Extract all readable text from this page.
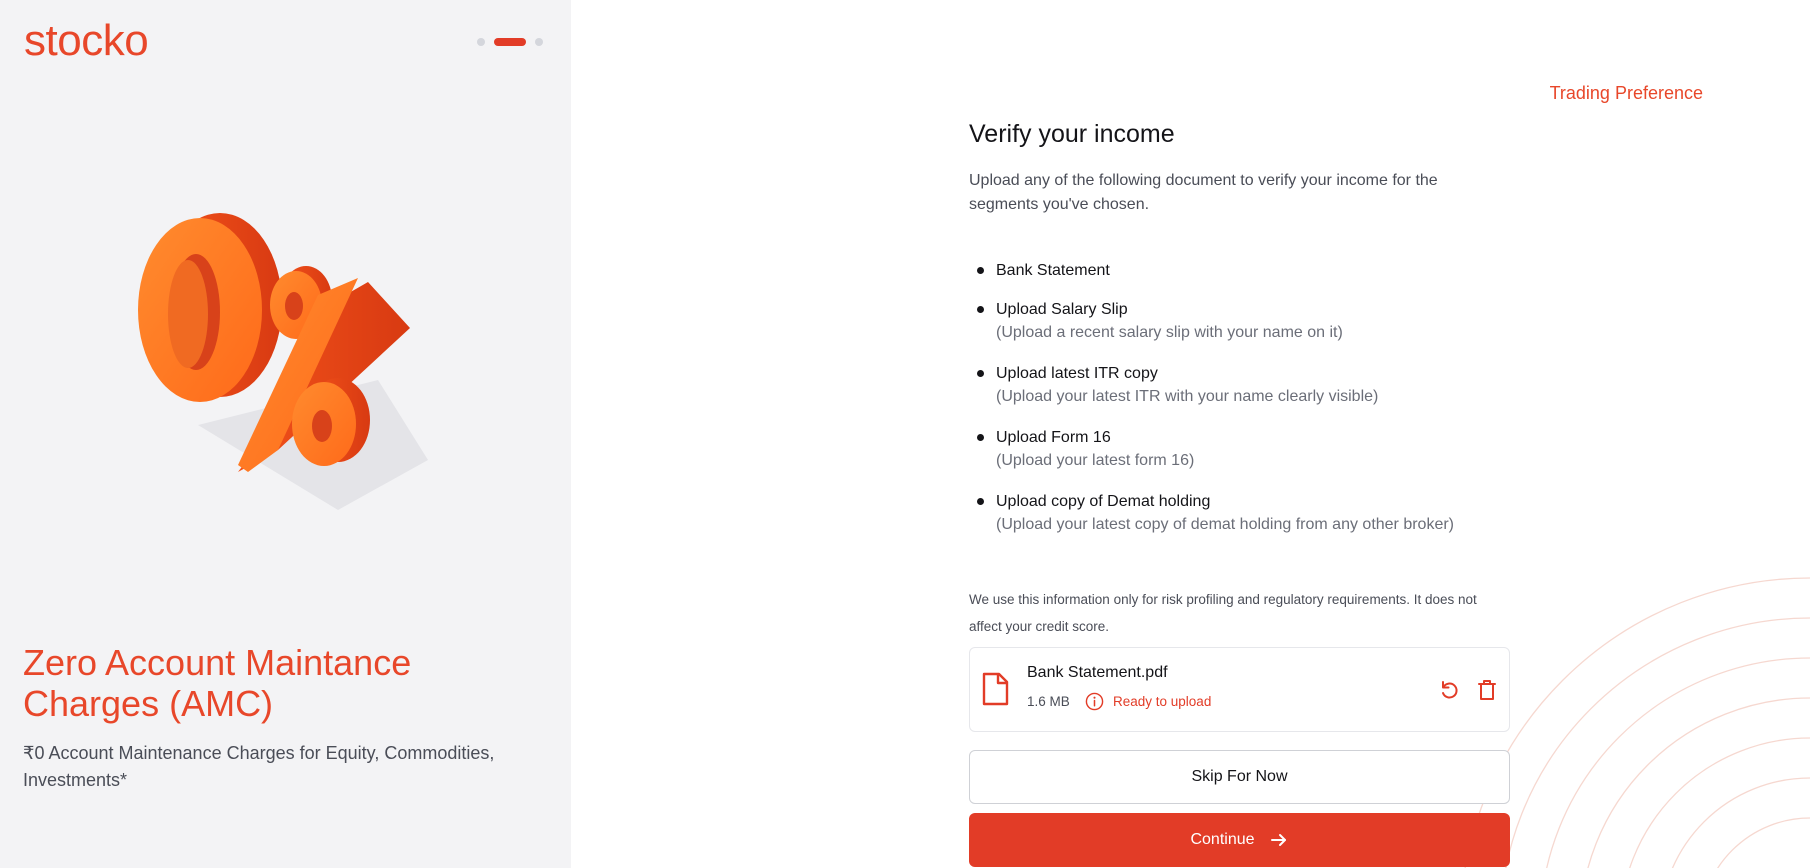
stocko
Zero Account Maintance Charges (AMC)
₹0 Account Maintenance Charges for Equity, Commodities, Investments*
Trading Preference
Verify your income

Upload any of the following document to verify your income for the segments you've chosen.

Bank Statement
Upload Salary Slip
(Upload a recent salary slip with your name on it)
Upload latest ITR copy
(Upload your latest ITR with your name clearly visible)
Upload Form 16
(Upload your latest form 16)
Upload copy of Demat holding
(Upload your latest copy of demat holding from any other broker)

We use this information only for risk profiling and regulatory requirements. It does not affect your credit score.

Bank Statement.pdf
1.6 MB	Ready to upload
Skip For Now
Continue
